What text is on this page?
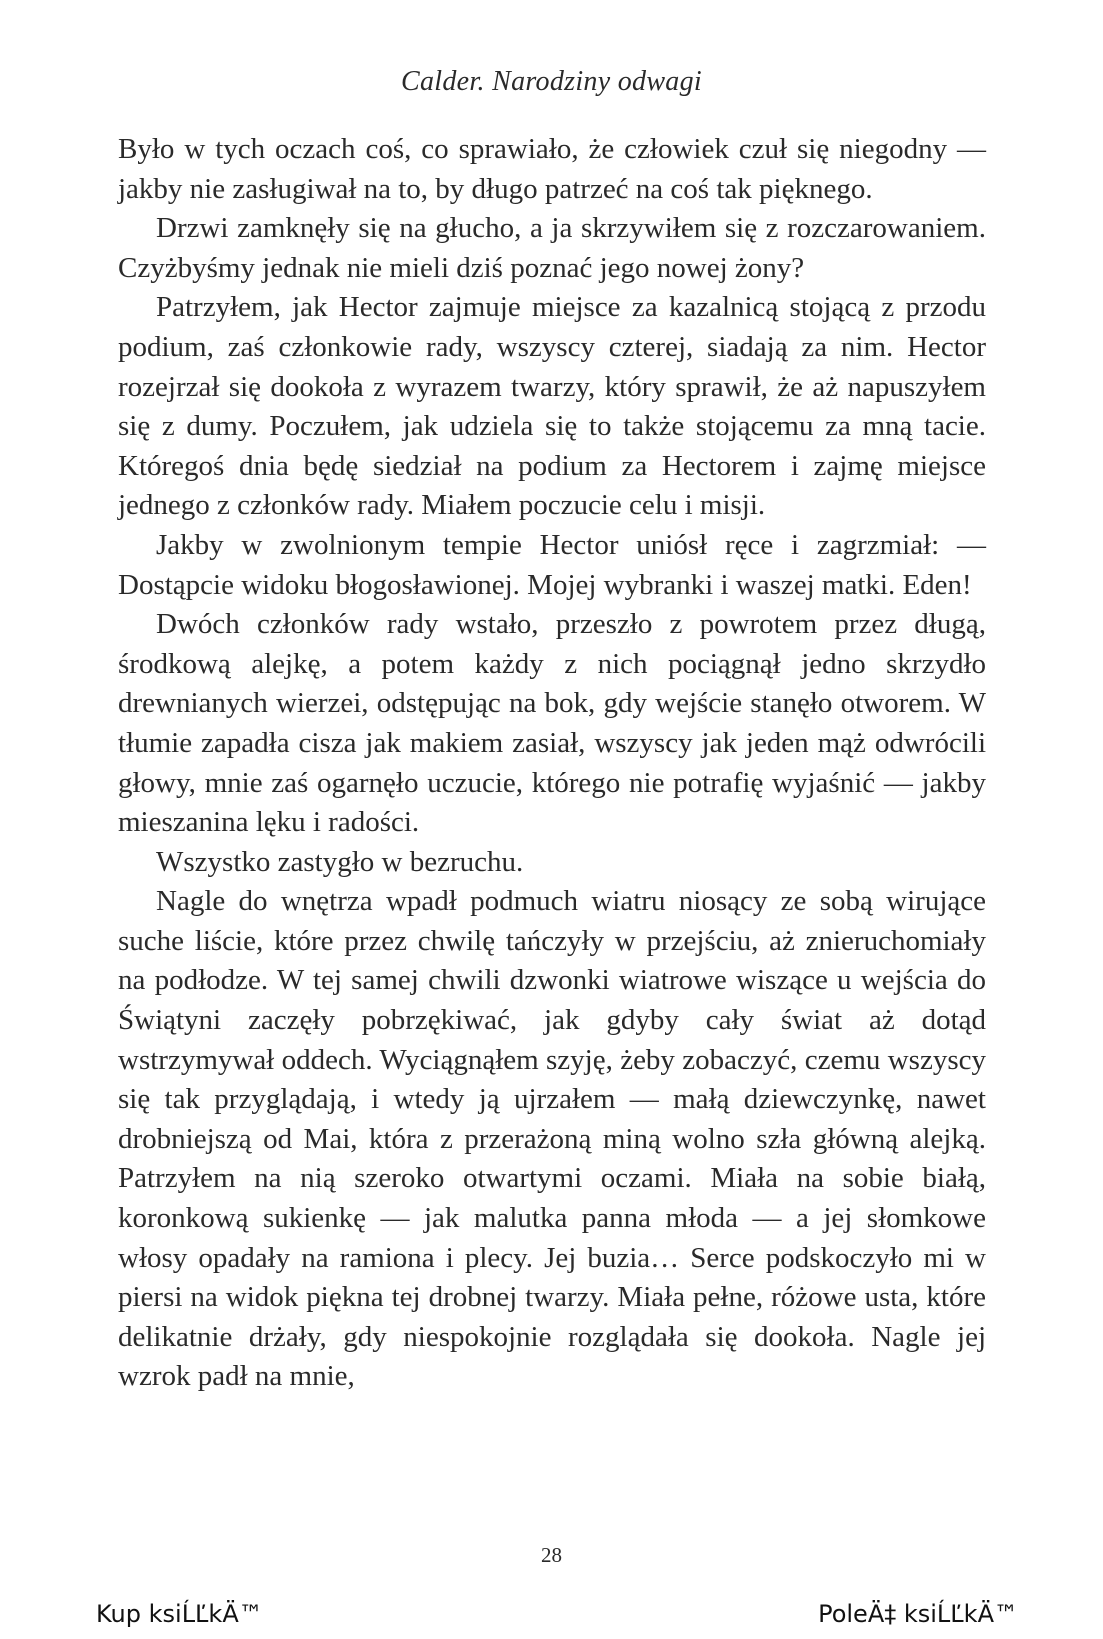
Calder. Narodziny odwagi

Było w tych oczach coś, co sprawiało, że człowiek czuł się niegodny — jakby nie zasługiwał na to, by długo patrzeć na coś tak pięknego.

Drzwi zamknęły się na głucho, a ja skrzywiłem się z rozczarowaniem. Czyżbyśmy jednak nie mieli dziś poznać jego nowej żony?

Patrzyłem, jak Hector zajmuje miejsce za kazalnicą stojącą z przodu podium, zaś członkowie rady, wszyscy czterej, siadają za nim. Hector rozejrzał się dookoła z wyrazem twarzy, który sprawił, że aż napuszyłem się z dumy. Poczułem, jak udziela się to także stojącemu za mną tacie. Któregoś dnia będę siedział na podium za Hectorem i zajmę miejsce jednego z członków rady. Miałem poczucie celu i misji.

Jakby w zwolnionym tempie Hector uniósł ręce i zagrzmiał: — Dostąpcie widoku błogosławionej. Mojej wybranki i waszej matki. Eden!

Dwóch członków rady wstało, przeszło z powrotem przez długą, środkową alejkę, a potem każdy z nich pociągnął jedno skrzydło drewnianych wierzei, odstępując na bok, gdy wejście stanęło otworem. W tłumie zapadła cisza jak makiem zasiał, wszyscy jak jeden mąż odwrócili głowy, mnie zaś ogarnęło uczucie, którego nie potrafię wyjaśnić — jakby mieszanina lęku i radości.

Wszystko zastygło w bezruchu.

Nagle do wnętrza wpadł podmuch wiatru niosący ze sobą wirujące suche liście, które przez chwilę tańczyły w przejściu, aż znieruchomiały na podłodze. W tej samej chwili dzwonki wiatrowe wiszące u wejścia do Świątyni zaczęły pobrzękiwać, jak gdyby cały świat aż dotąd wstrzymywał oddech. Wyciągnąłem szyję, żeby zobaczyć, czemu wszyscy się tak przyglądają, i wtedy ją ujrzałem — małą dziewczynkę, nawet drobniejszą od Mai, która z przerażoną miną wolno szła główną alejką. Patrzyłem na nią szeroko otwartymi oczami. Miała na sobie białą, koronkową sukienkę — jak malutka panna młoda — a jej słomkowe włosy opadały na ramiona i plecy. Jej buzia… Serce podskoczyło mi w piersi na widok piękna tej drobnej twarzy. Miała pełne, różowe usta, które delikatnie drżały, gdy niespokojnie rozglądała się dookoła. Nagle jej wzrok padł na mnie,

28
Kup ksiĹĽkÄ™	PoleÄ‡ ksiĹĽkÄ™
